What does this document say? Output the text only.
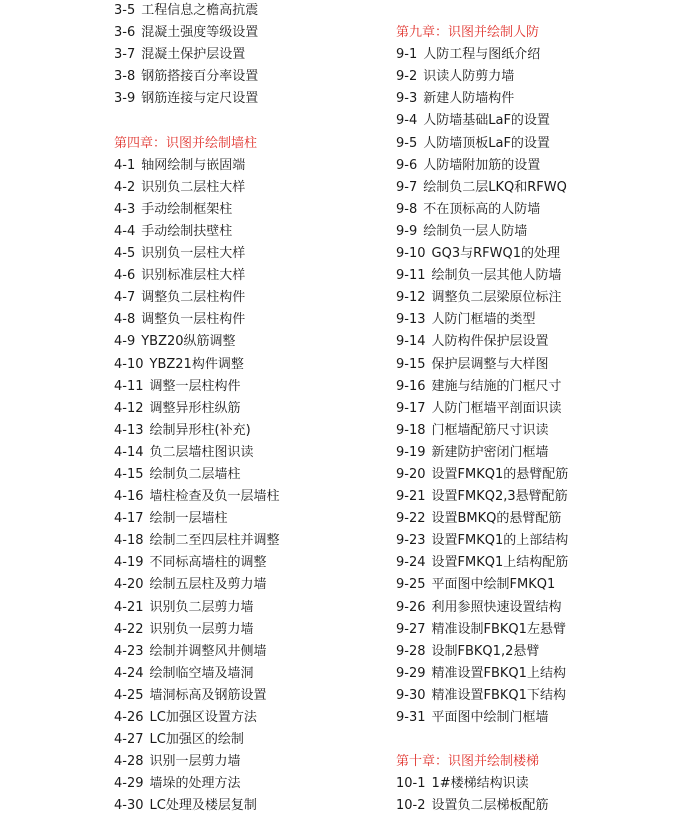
3-5 工程信息之檐高抗震
3-6 混凝土强度等级设置
3-7 混凝土保护层设置
3-8 钢筋搭接百分率设置
3-9 钢筋连接与定尺设置
第四章：识图并绘制墙柱
4-1 轴网绘制与嵌固端
4-2 识别负二层柱大样
4-3 手动绘制框架柱
4-4 手动绘制扶壁柱
4-5 识别负一层柱大样
4-6 识别标准层柱大样
4-7 调整负二层柱构件
4-8 调整负一层柱构件
4-9 YBZ20纵筋调整
4-10 YBZ21构件调整
4-11 调整一层柱构件
4-12 调整异形柱纵筋
4-13 绘制异形柱(补充)
4-14 负二层墙柱图识读
4-15 绘制负二层墙柱
4-16 墙柱检查及负一层墙柱
4-17 绘制一层墙柱
4-18 绘制二至四层柱并调整
4-19 不同标高墙柱的调整
4-20 绘制五层柱及剪力墙
4-21 识别负二层剪力墙
4-22 识别负一层剪力墙
4-23 绘制并调整风井侧墙
4-24 绘制临空墙及墙洞
4-25 墙洞标高及钢筋设置
4-26 LC加强区设置方法
4-27 LC加强区的绘制
4-28 识别一层剪力墙
4-29 墙垛的处理方法
4-30 LC处理及楼层复制
第九章：识图并绘制人防
9-1 人防工程与图纸介绍
9-2 识读人防剪力墙
9-3 新建人防墙构件
9-4 人防墙基础LaF的设置
9-5 人防墙顶板LaF的设置
9-6 人防墙附加筋的设置
9-7 绘制负二层LKQ和RFWQ
9-8 不在顶标高的人防墙
9-9 绘制负一层人防墙
9-10 GQ3与RFWQ1的处理
9-11 绘制负一层其他人防墙
9-12 调整负二层梁原位标注
9-13 人防门框墙的类型
9-14 人防构件保护层设置
9-15 保护层调整与大样图
9-16 建施与结施的门框尺寸
9-17 人防门框墙平剖面识读
9-18 门框墙配筋尺寸识读
9-19 新建防护密闭门框墙
9-20 设置FMKQ1的悬臂配筋
9-21 设置FMKQ2,3悬臂配筋
9-22 设置BMKQ的悬臂配筋
9-23 设置FMKQ1的上部结构
9-24 设置FMKQ1上结构配筋
9-25 平面图中绘制FMKQ1
9-26 利用参照快速设置结构
9-27 精准设制FBKQ1左悬臂
9-28 设制FBKQ1,2悬臂
9-29 精准设置FBKQ1上结构
9-30 精准设置FBKQ1下结构
9-31 平面图中绘制门框墙
第十章：识图并绘制楼梯
10-1 1#楼梯结构识读
10-2 设置负二层梯板配筋
